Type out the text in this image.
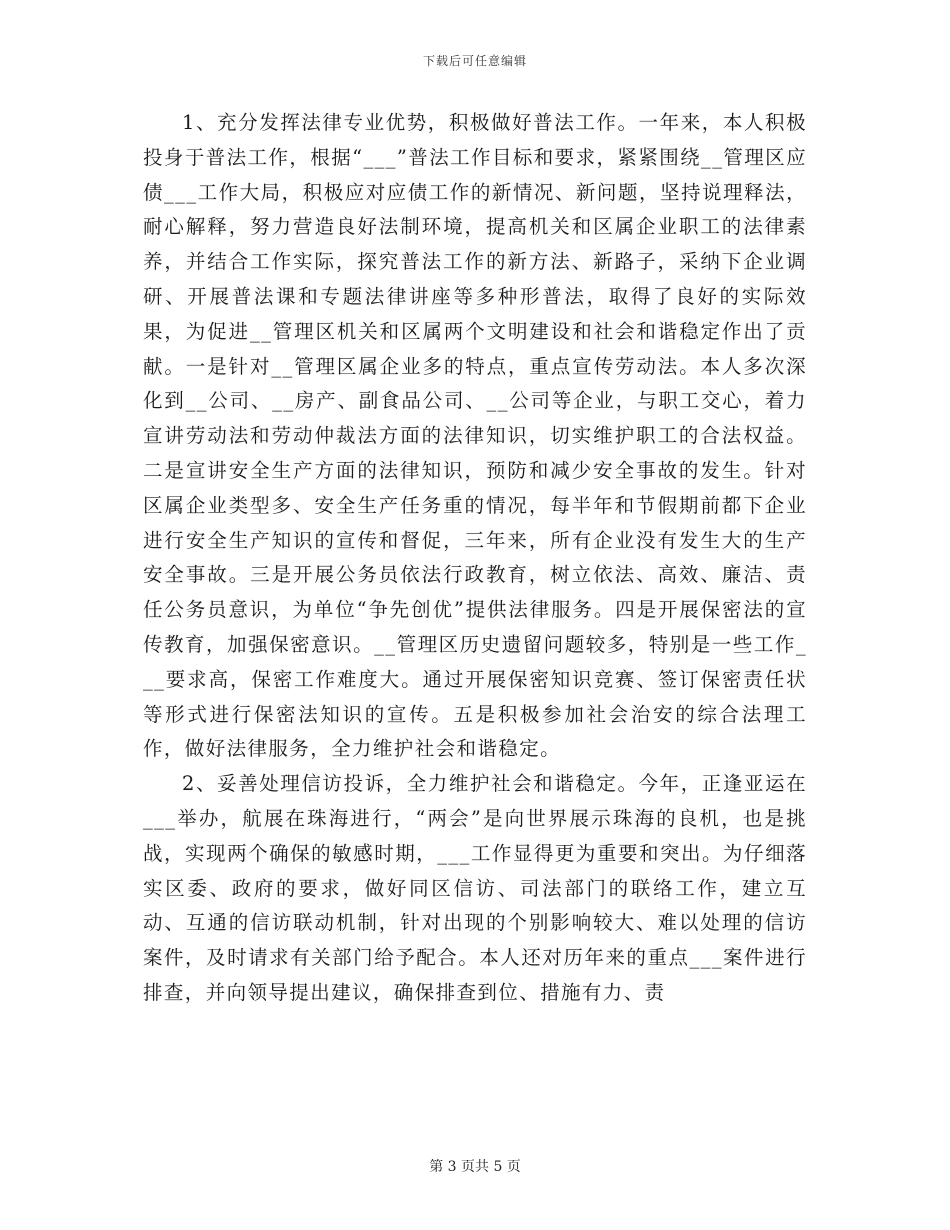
下载后可任意编辑

1、充分发挥法律专业优势，积极做好普法工作。一年来，本人积极投身于普法工作，根据“___”普法工作目标和要求，紧紧围绕__管理区应债___工作大局，积极应对应债工作的新情况、新问题，坚持说理释法，耐心解释，努力营造良好法制环境，提高机关和区属企业职工的法律素养，并结合工作实际，探究普法工作的新方法、新路子，采纳下企业调研、开展普法课和专题法律讲座等多种形普法，取得了良好的实际效果，为促进__管理区机关和区属两个文明建设和社会和谐稳定作出了贡献。一是针对__管理区属企业多的特点，重点宣传劳动法。本人多次深化到__公司、__房产、副食品公司、__公司等企业，与职工交心，着力宣讲劳动法和劳动仲裁法方面的法律知识，切实维护职工的合法权益。二是宣讲安全生产方面的法律知识，预防和减少安全事故的发生。针对区属企业类型多、安全生产任务重的情况，每半年和节假期前都下企业进行安全生产知识的宣传和督促，三年来，所有企业没有发生大的生产安全事故。三是开展公务员依法行政教育，树立依法、高效、廉洁、责任公务员意识，为单位“争先创优”提供法律服务。四是开展保密法的宣传教育，加强保密意识。__管理区历史遗留问题较多，特别是一些工作___要求高，保密工作难度大。通过开展保密知识竞赛、签订保密责任状等形式进行保密法知识的宣传。五是积极参加社会治安的综合法理工作，做好法律服务，全力维护社会和谐稳定。

2、妥善处理信访投诉，全力维护社会和谐稳定。今年，正逢亚运在___举办，航展在珠海进行，“两会”是向世界展示珠海的良机，也是挑战，实现两个确保的敏感时期，___工作显得更为重要和突出。为仔细落实区委、政府的要求，做好同区信访、司法部门的联络工作，建立互动、互通的信访联动机制，针对出现的个别影响较大、难以处理的信访案件，及时请求有关部门给予配合。本人还对历年来的重点___案件进行排查，并向领导提出建议，确保排查到位、措施有力、责

第 3 页共 5 页
